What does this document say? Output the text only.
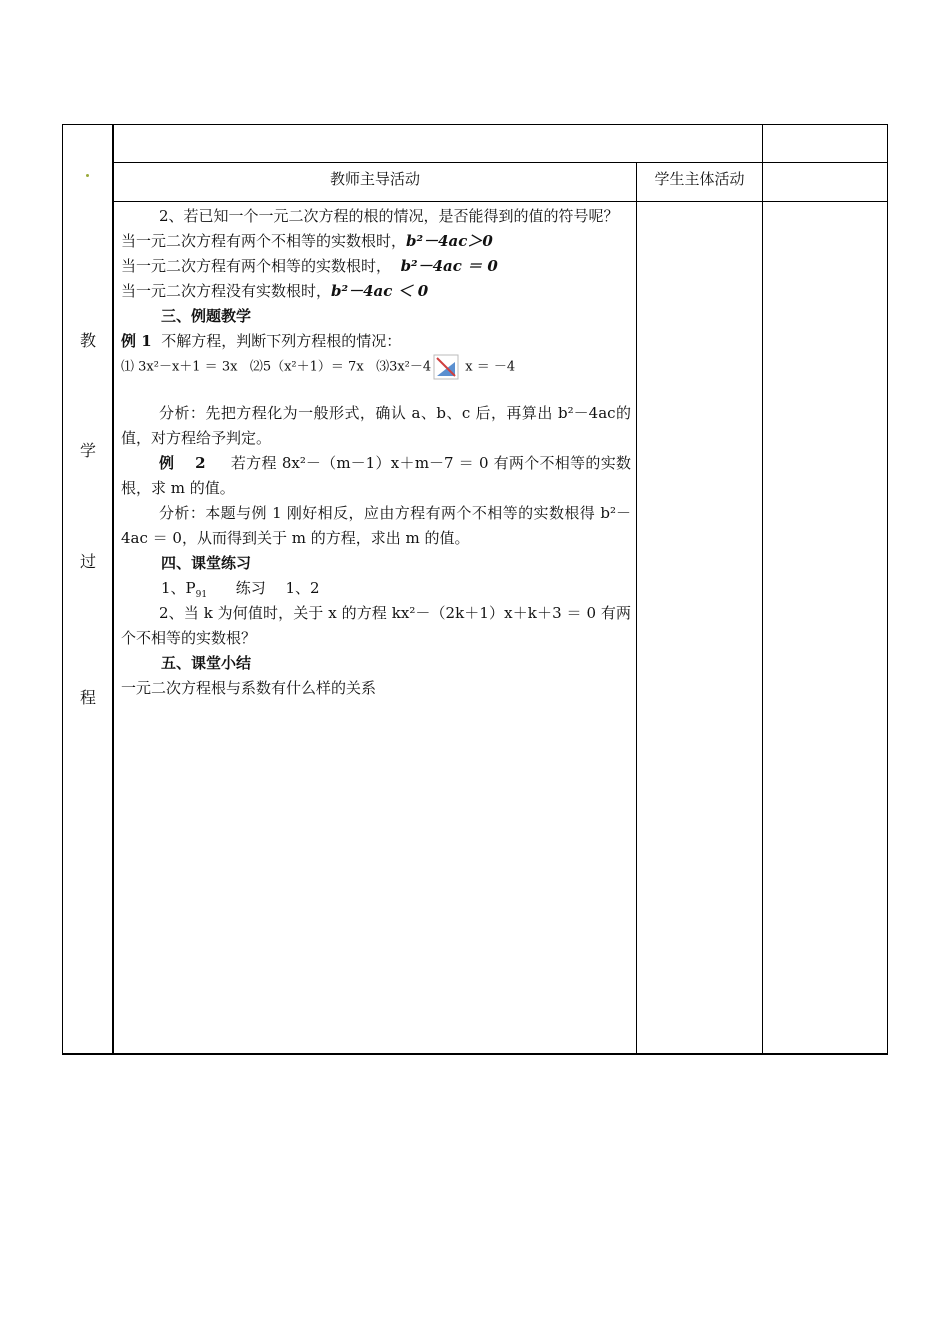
教
学
过
程
教师主导活动	学生主体活动
2、若已知一个一元二次方程的根的情况，是否能得到的值的符号呢？
当一元二次方程有两个不相等的实数根时，b²－4ac＞0
当一元二次方程有两个相等的实数根时， b²－4ac ＝ 0
当一元二次方程没有实数根时，b²－4ac ＜ 0
三、例题教学
例 1 不解方程，判断下列方程根的情况：
⑴ 3x²－x＋1 ＝ 3x ⑵5（x²＋1）＝ 7x ⑶3x²－4	x ＝ －4
分析：先把方程化为一般形式，确认 a、b、c 后，再算出 b²－4ac的值，对方程给予判定。
例　 2 若方程 8x²－（m－1）x＋m－7 ＝ 0 有两个不相等的实数根，求 m 的值。
分析：本题与例 1 刚好相反，应由方程有两个不相等的实数根得 b²－4ac ＝ 0，从而得到关于 m 的方程，求出 m 的值。
四、课堂练习
1、$P_{91}$ 练习　 1、2
2、当 k 为何值时，关于 x 的方程 kx²－（2k＋1）x＋k＋3 ＝ 0 有两个不相等的实数根？
五、课堂小结
一元二次方程根与系数有什么样的关系
